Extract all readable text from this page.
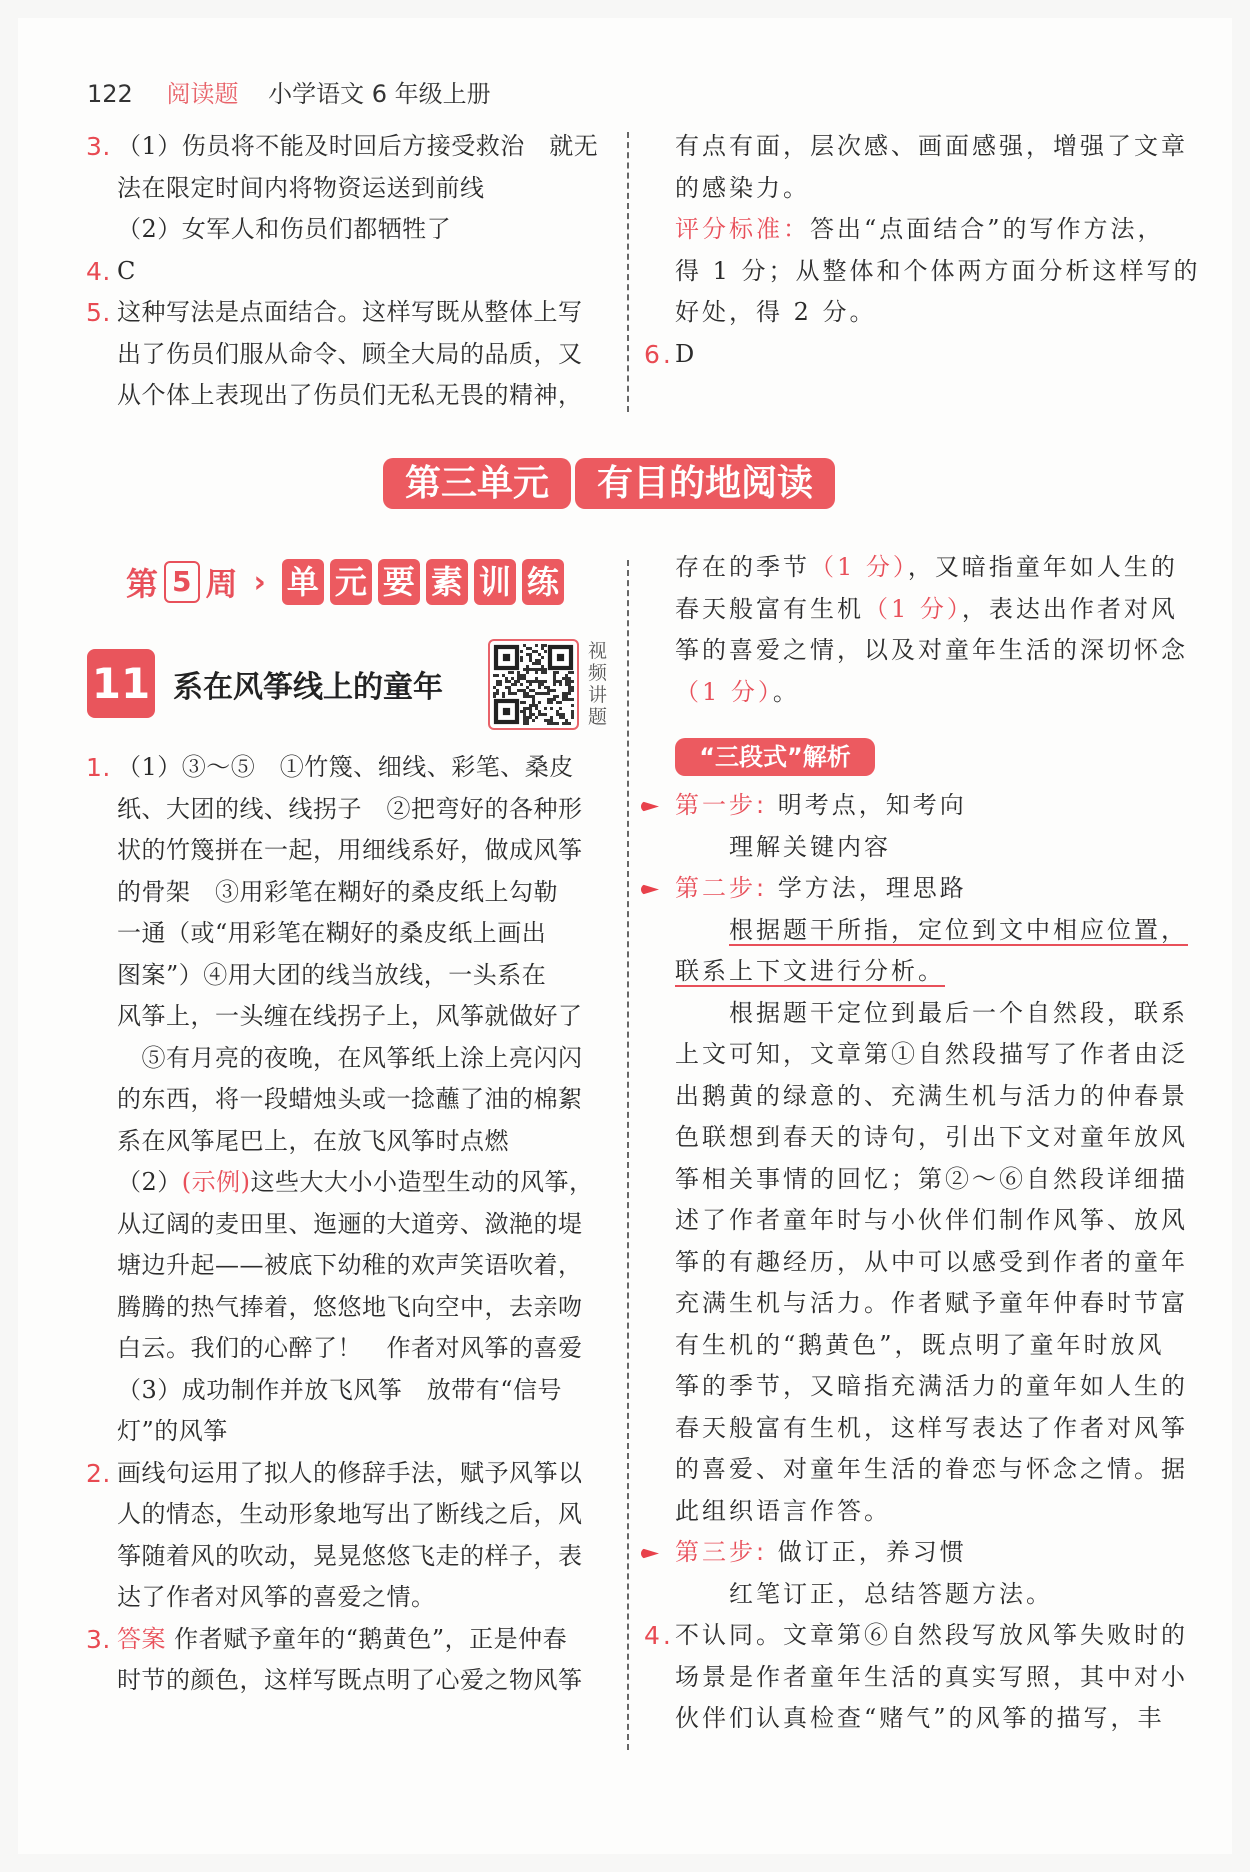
122 阅读题 小学语文 6 年级上册
3. （1）伤员将不能及时回后方接受救治　就无
法在限定时间内将物资运送到前线
（2）女军人和伤员们都牺牲了
4. C
5. 这种写法是点面结合。这样写既从整体上写
出了伤员们服从命令、顾全大局的品质，又
从个体上表现出了伤员们无私无畏的精神，
有点有面，层次感、画面感强，增强了文章
的感染力。
评分标准：答出“点面结合”的写作方法，
得 1 分；从整体和个体两方面分析这样写的
好处，得 2 分。
6. D
第三单元	有目的地阅读
第 5 周 › 单 元 要 素 训 练
11 系在风筝线上的童年
视频讲题
1. （1）③～⑤　①竹篾、细线、彩笔、桑皮
纸、大团的线、线拐子　②把弯好的各种形
状的竹篾拼在一起，用细线系好，做成风筝
的骨架　③用彩笔在糊好的桑皮纸上勾勒
一通（或“用彩笔在糊好的桑皮纸上画出
图案”）④用大团的线当放线，一头系在
风筝上，一头缠在线拐子上，风筝就做好了
　⑤有月亮的夜晚，在风筝纸上涂上亮闪闪
的东西，将一段蜡烛头或一捻蘸了油的棉絮
系在风筝尾巴上，在放飞风筝时点燃
（2）(示例)这些大大小小造型生动的风筝，
从辽阔的麦田里、迤逦的大道旁、潋滟的堤
塘边升起——被底下幼稚的欢声笑语吹着，
腾腾的热气捧着，悠悠地飞向空中，去亲吻
白云。我们的心醉了！　作者对风筝的喜爱
（3）成功制作并放飞风筝　放带有“信号
灯”的风筝
2. 画线句运用了拟人的修辞手法，赋予风筝以
人的情态，生动形象地写出了断线之后，风
筝随着风的吹动，晃晃悠悠飞走的样子，表
达了作者对风筝的喜爱之情。
3. 答案 作者赋予童年的“鹅黄色”，正是仲春
时节的颜色，这样写既点明了心爱之物风筝
存在的季节（1 分），又暗指童年如人生的
春天般富有生机（1 分），表达出作者对风
筝的喜爱之情，以及对童年生活的深切怀念
（1 分）。
“三段式”解析
第一步: 明考点，知考向
　　理解关键内容
第二步: 学方法，理思路
　　根据题干所指，定位到文中相应位置，
联系上下文进行分析。
　　根据题干定位到最后一个自然段，联系
上文可知，文章第①自然段描写了作者由泛
出鹅黄的绿意的、充满生机与活力的仲春景
色联想到春天的诗句，引出下文对童年放风
筝相关事情的回忆；第②～⑥自然段详细描
述了作者童年时与小伙伴们制作风筝、放风
筝的有趣经历，从中可以感受到作者的童年
充满生机与活力。作者赋予童年仲春时节富
有生机的“鹅黄色”，既点明了童年时放风
筝的季节，又暗指充满活力的童年如人生的
春天般富有生机，这样写表达了作者对风筝
的喜爱、对童年生活的眷恋与怀念之情。据
此组织语言作答。
第三步: 做订正，养习惯
　　红笔订正，总结答题方法。
4. 不认同。文章第⑥自然段写放风筝失败时的
场景是作者童年生活的真实写照，其中对小
伙伴们认真检查“赌气”的风筝的描写，丰
